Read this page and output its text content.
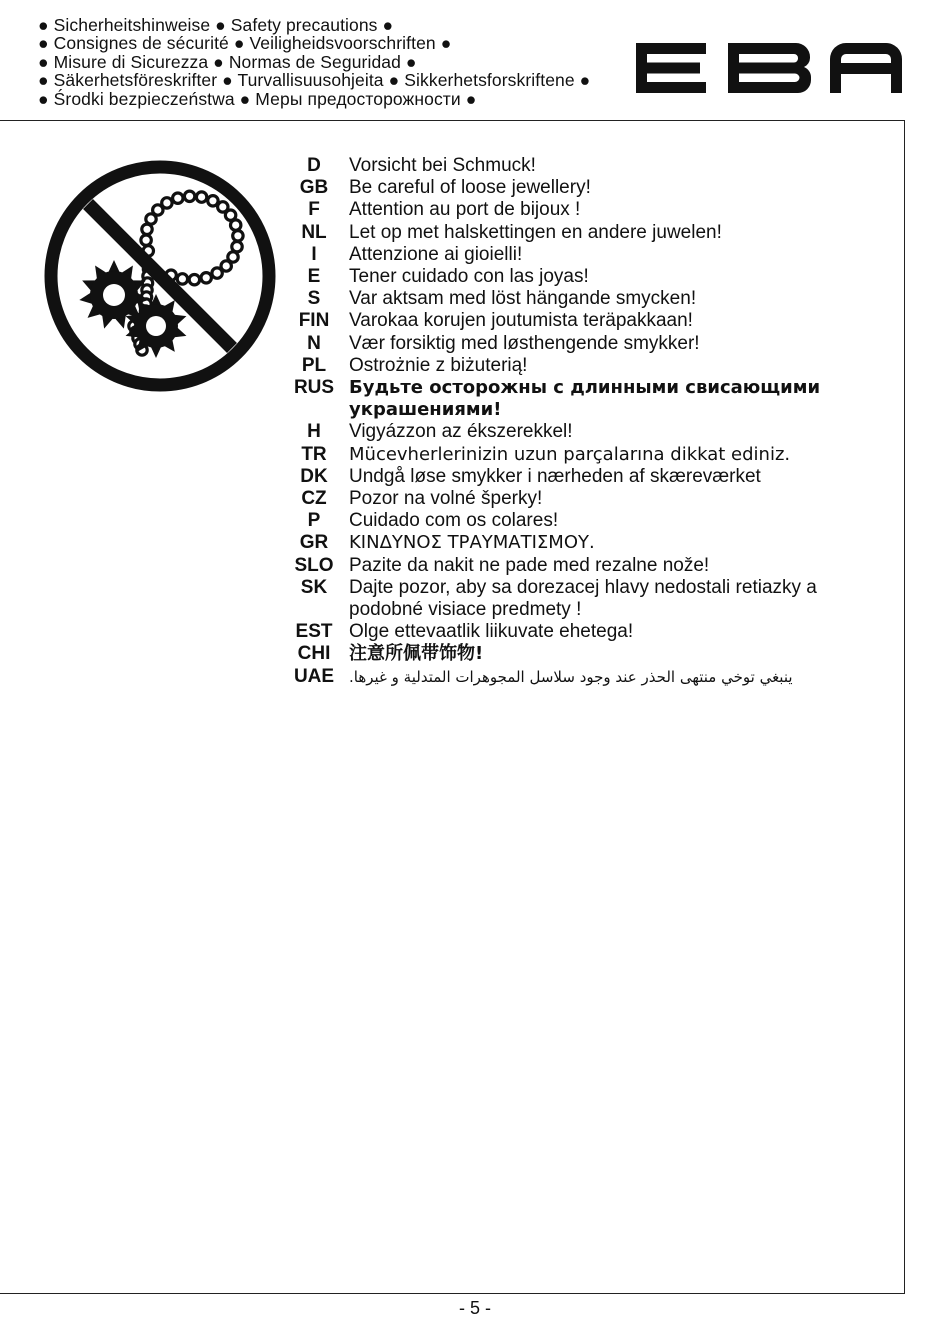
● Sicherheitshinweise ● Safety precautions ●
● Consignes de sécurité ● Veiligheidsvoorschriften ●
● Misure di Sicurezza ● Normas de Seguridad ●
● Säkerhetsföreskrifter ● Turvallisuusohjeita ● Sikkerhetsforskriftene ●
● Środki bezpieczeństwa ● Меры предосторожности ●
D	Vorsicht bei Schmuck!
GB	Be careful of loose jewellery!
F	Attention au port de bijoux !
NL	Let op met halskettingen en andere juwelen!
I	Attenzione ai gioielli!
E	Tener cuidado con las joyas!
S	Var aktsam med löst hängande smycken!
FIN	Varokaa korujen joutumista teräpakkaan!
N	Vær forsiktig med løsthengende smykker!
PL	Ostrożnie z biżuterią!
RUS Будьте осторожны с длинными свисающими украшениями!
H	Vigyázzon az ékszerekkel!
TR	Mücevherlerinizin uzun parçalarına dikkat ediniz.
DK	Undgå løse smykker i nærheden af skæreværket
CZ	Pozor na volné šperky!
P	Cuidado com os colares!
GR	ΚΙΝΔΥΝΟΣ ΤΡΑΥΜΑΤΙΣΜΟΥ.
SLO Pazite da nakit ne pade med rezalne nože!
SK	Dajte pozor, aby sa dorezacej hlavy nedostali retiazky a podobné visiace predmety !
EST Olge ettevaatlik liikuvate ehetega!
CHI	注意所佩带饰物!
UAE ينبغي توخي منتهى الحذر عند وجود سلاسل المجوهرات المتدلية و غيرها.
- 5 -
